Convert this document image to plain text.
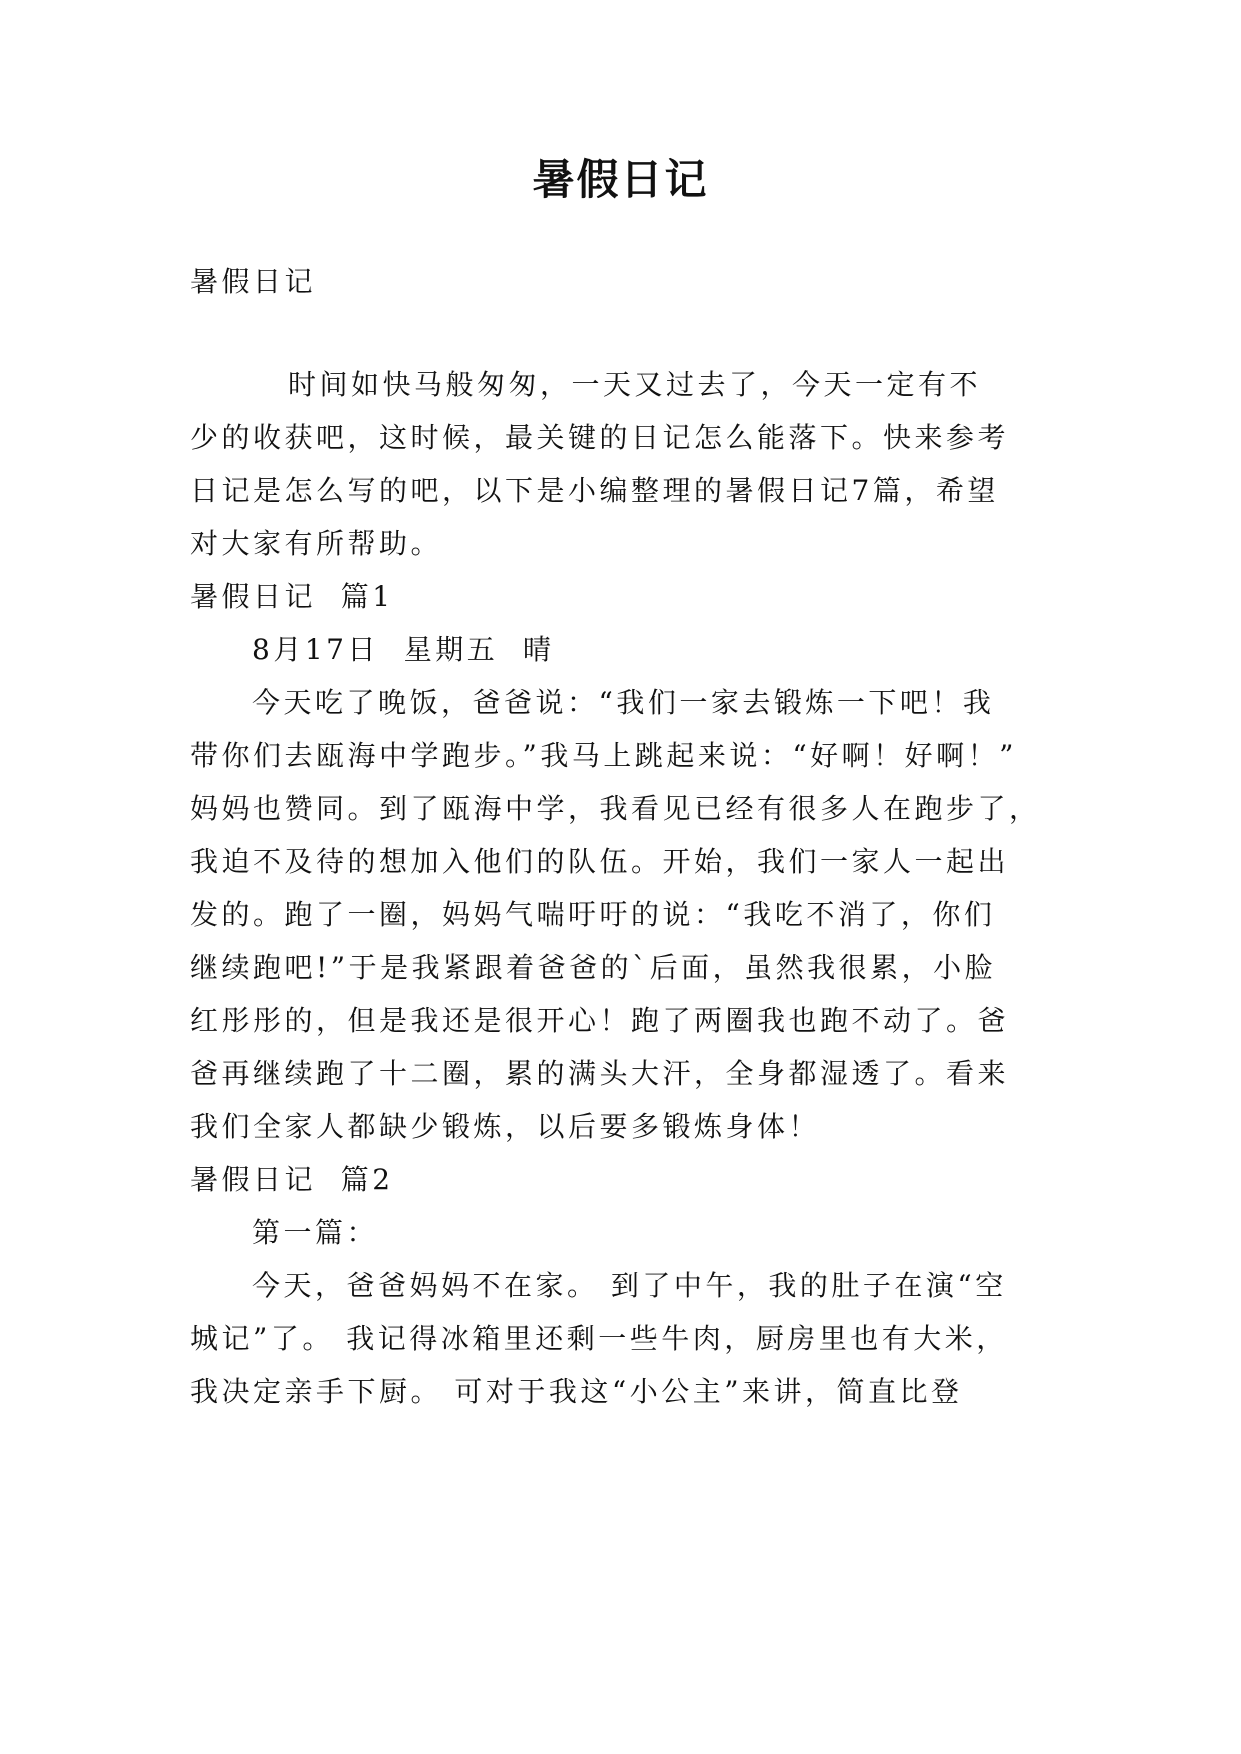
暑假日记
暑假日记
时间如快马般匆匆，一天又过去了，今天一定有不
少的收获吧，这时候，最关键的日记怎么能落下。快来参考
日记是怎么写的吧，以下是小编整理的暑假日记7篇，希望
对大家有所帮助。
暑假日记  篇1
8月17日  星期五  晴
今天吃了晚饭，爸爸说：“我们一家去锻炼一下吧！我
带你们去瓯海中学跑步。”我马上跳起来说：“好啊！好啊！”
妈妈也赞同。到了瓯海中学，我看见已经有很多人在跑步了，
我迫不及待的想加入他们的队伍。开始，我们一家人一起出
发的。跑了一圈，妈妈气喘吁吁的说：“我吃不消了，你们
继续跑吧!”于是我紧跟着爸爸的`后面，虽然我很累，小脸
红彤彤的，但是我还是很开心！跑了两圈我也跑不动了。爸
爸再继续跑了十二圈，累的满头大汗，全身都湿透了。看来
我们全家人都缺少锻炼，以后要多锻炼身体！
暑假日记  篇2
第一篇：
今天，爸爸妈妈不在家。 到了中午，我的肚子在演“空
城记”了。 我记得冰箱里还剩一些牛肉，厨房里也有大米，
我决定亲手下厨。 可对于我这“小公主”来讲，简直比登
